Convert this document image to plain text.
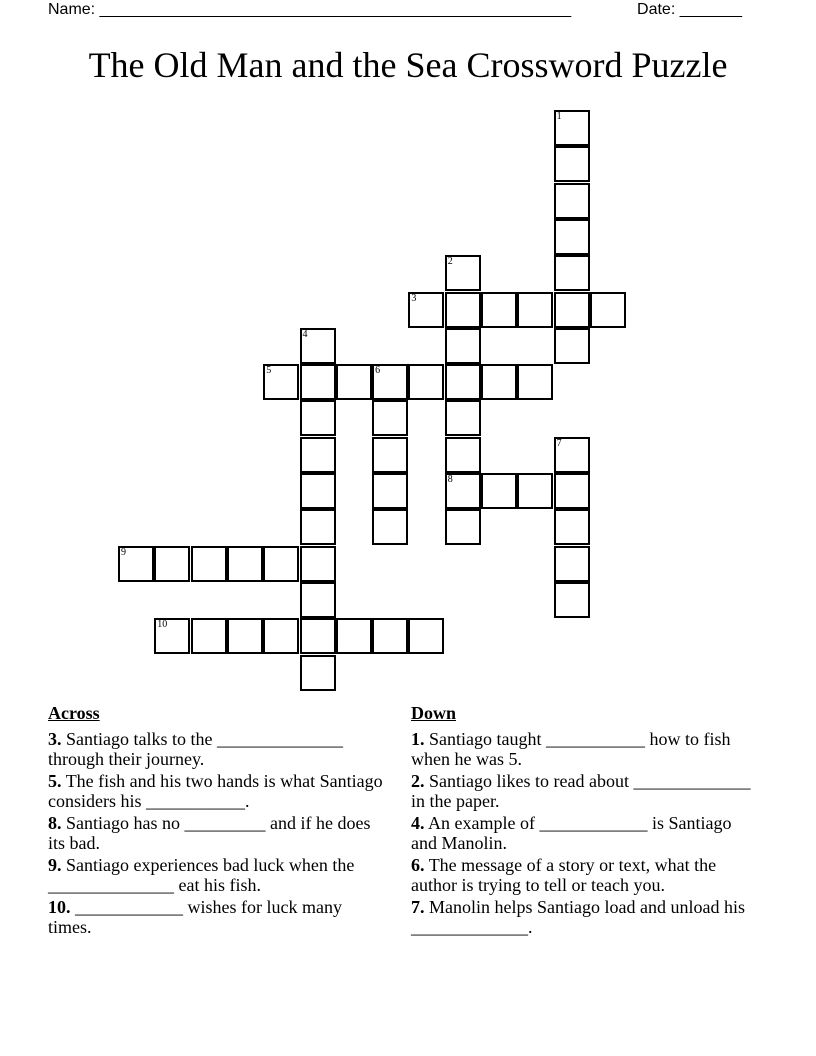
Name: _____________________________________________________	Date: _______
The Old Man and the Sea Crossword Puzzle
1
2
8
3
4
5	6
7
9
10
Across
3. Santiago talks to the ______________ through their journey.
5. The fish and his two hands is what Santiago considers his ___________.
8. Santiago has no _________ and if he does its bad.
9. Santiago experiences bad luck when the ______________ eat his fish.
10. ____________ wishes for luck many times.
Down
1. Santiago taught ___________ how to fish when he was 5.
2. Santiago likes to read about _____________ in the paper.
4. An example of ____________ is Santiago and Manolin.
6. The message of a story or text, what the author is trying to tell or teach you.
7. Manolin helps Santiago load and unload his _____________.
